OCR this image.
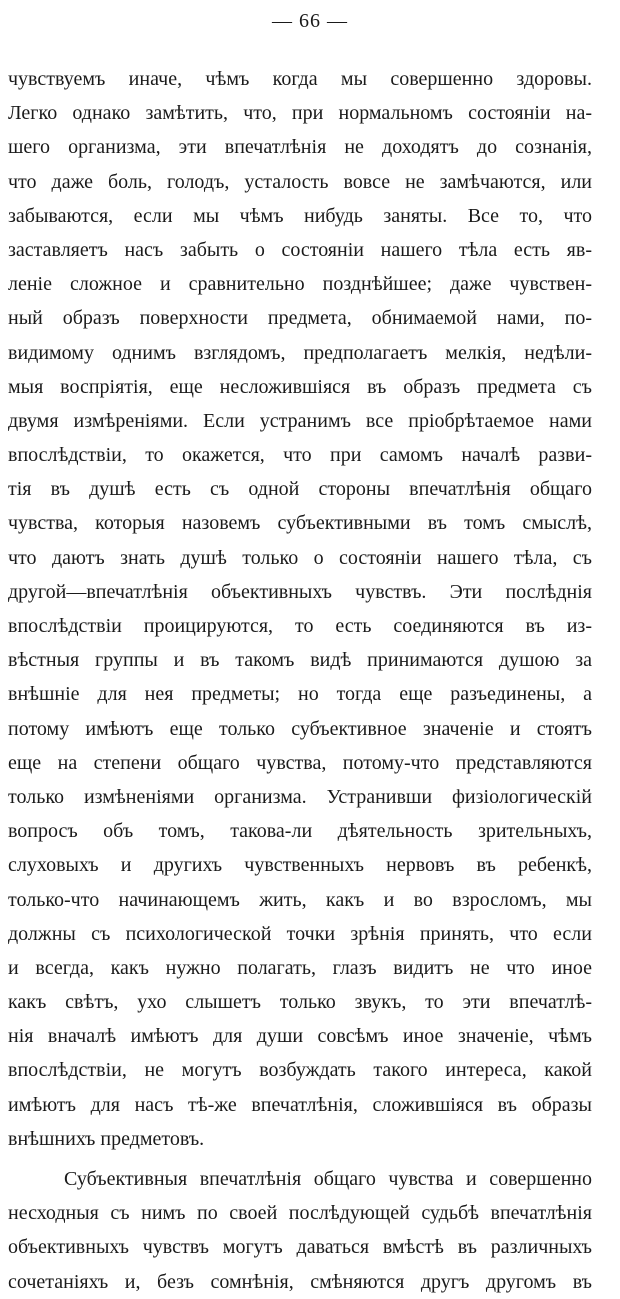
— 66 —
чувствуемъ иначе, чѣмъ когда мы совершенно здоровы.
Легко однако замѣтить, что, при нормальномъ состояніи на-
шего организма, эти впечатлѣнія не доходятъ до сознанія,
что даже боль, голодъ, усталость вовсе не замѣчаются, или
забываются, если мы чѣмъ нибудь заняты. Все то, что
заставляетъ насъ забыть о состояніи нашего тѣла есть яв-
леніе сложное и сравнительно позднѣйшее; даже чувствен-
ный образъ поверхности предмета, обнимаемой нами, по-
видимому однимъ взглядомъ, предполагаетъ мелкія, недѣли-
мыя воспріятія, еще несложившіяся въ образъ предмета съ
двумя измѣреніями. Если устранимъ все пріобрѣтаемое нами
впослѣдствіи, то окажется, что при самомъ началѣ разви-
тія въ душѣ есть съ одной стороны впечатлѣнія общаго
чувства, которыя назовемъ субъективными въ томъ смыслѣ,
что даютъ знать душѣ только о состояніи нашего тѣла, съ
другой—впечатлѣнія объективныхъ чувствъ. Эти послѣднія
впослѣдствіи проицируются, то есть соединяются въ из-
вѣстныя группы и въ такомъ видѣ принимаются душою за
внѣшніе для нея предметы; но тогда еще разъединены, а
потому имѣютъ еще только субъективное значеніе и стоятъ
еще на степени общаго чувства, потому-что представляются
только измѣненіями организма. Устранивши физіологическій
вопросъ объ томъ, такова-ли дѣятельность зрительныхъ,
слуховыхъ и другихъ чувственныхъ нервовъ въ ребенкѣ,
только-что начинающемъ жить, какъ и во взросломъ, мы
должны съ психологической точки зрѣнія принять, что если
и всегда, какъ нужно полагать, глазъ видитъ не что иное
какъ свѣтъ, ухо слышетъ только звукъ, то эти впечатлѣ-
нія вначалѣ имѣютъ для души совсѣмъ иное значеніе, чѣмъ
впослѣдствіи, не могутъ возбуждать такого интереса, какой
имѣютъ для насъ тѣ-же впечатлѣнія, сложившіяся въ образы
внѣшнихъ предметовъ.
Субъективныя впечатлѣнія общаго чувства и совершенно
несходныя съ нимъ по своей послѣдующей судьбѣ впечатлѣнія
объективныхъ чувствъ могутъ даваться вмѣстѣ въ различныхъ
сочетаніяхъ и, безъ сомнѣнія, смѣняются другъ другомъ въ
